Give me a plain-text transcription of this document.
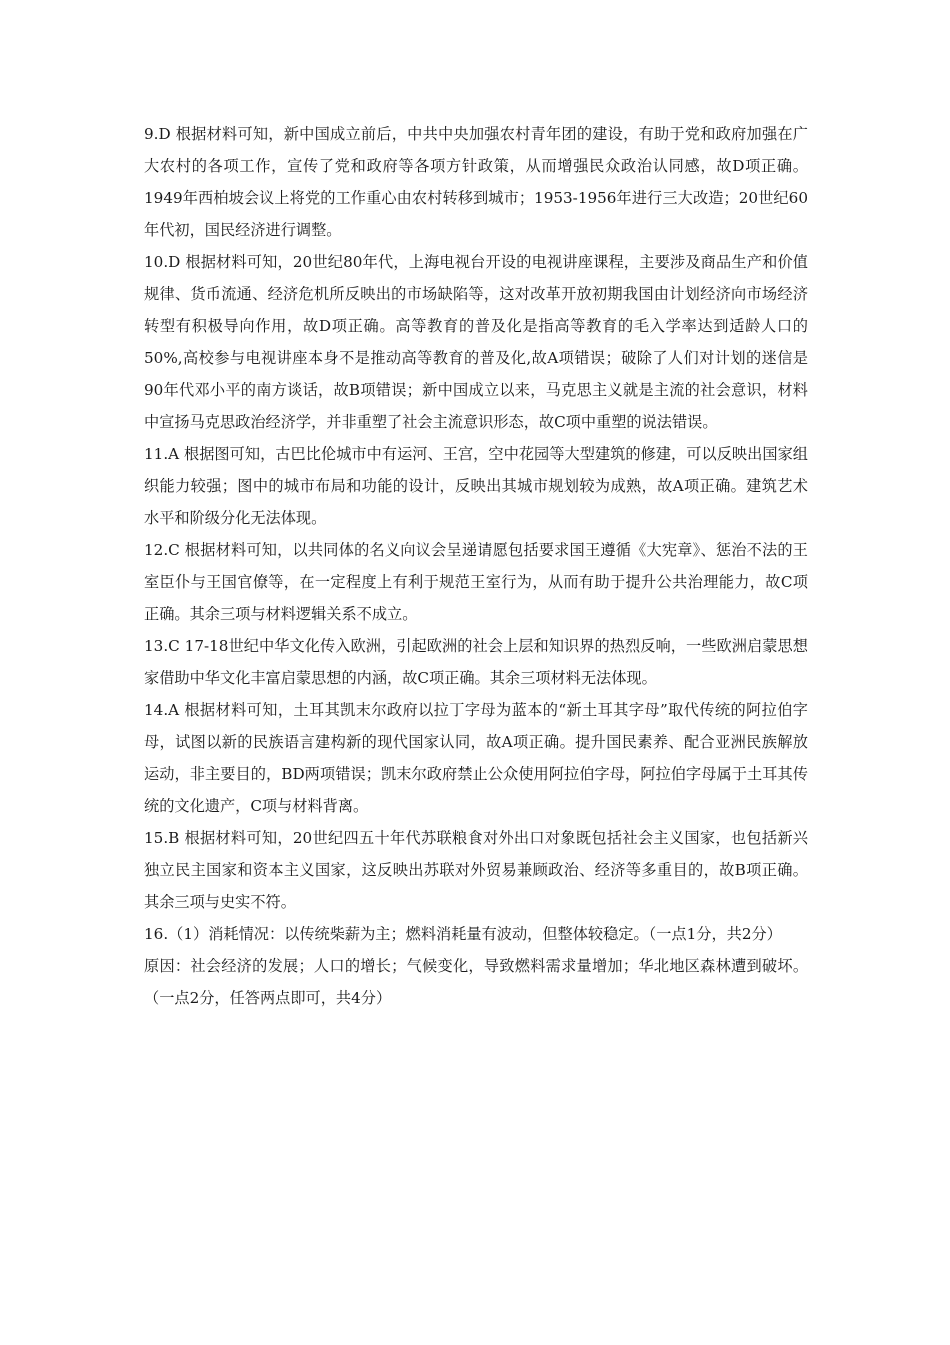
9.D 根据材料可知，新中国成立前后，中共中央加强农村青年团的建设，有助于党和政府加强在广大农村的各项工作，宣传了党和政府等各项方针政策，从而增强民众政治认同感，故D项正确。1949年西柏坡会议上将党的工作重心由农村转移到城市；1953-1956年进行三大改造；20世纪60年代初，国民经济进行调整。

10.D 根据材料可知，20世纪80年代，上海电视台开设的电视讲座课程，主要涉及商品生产和价值规律、货币流通、经济危机所反映出的市场缺陷等，这对改革开放初期我国由计划经济向市场经济转型有积极导向作用，故D项正确。高等教育的普及化是指高等教育的毛入学率达到适龄人口的50%,高校参与电视讲座本身不是推动高等教育的普及化,故A项错误；破除了人们对计划的迷信是90年代邓小平的南方谈话，故B项错误；新中国成立以来，马克思主义就是主流的社会意识，材料中宣扬马克思政治经济学，并非重塑了社会主流意识形态，故C项中重塑的说法错误。

11.A 根据图可知，古巴比伦城市中有运河、王宫，空中花园等大型建筑的修建，可以反映出国家组织能力较强；图中的城市布局和功能的设计，反映出其城市规划较为成熟，故A项正确。建筑艺术水平和阶级分化无法体现。

12.C 根据材料可知，以共同体的名义向议会呈递请愿包括要求国王遵循《大宪章》、惩治不法的王室臣仆与王国官僚等，在一定程度上有利于规范王室行为，从而有助于提升公共治理能力，故C项正确。其余三项与材料逻辑关系不成立。

13.C 17-18世纪中华文化传入欧洲，引起欧洲的社会上层和知识界的热烈反响，一些欧洲启蒙思想家借助中华文化丰富启蒙思想的内涵，故C项正确。其余三项材料无法体现。

14.A 根据材料可知，土耳其凯末尔政府以拉丁字母为蓝本的“新土耳其字母”取代传统的阿拉伯字母，试图以新的民族语言建构新的现代国家认同，故A项正确。提升国民素养、配合亚洲民族解放运动，非主要目的，BD两项错误；凯末尔政府禁止公众使用阿拉伯字母，阿拉伯字母属于土耳其传统的文化遗产，C项与材料背离。

15.B 根据材料可知，20世纪四五十年代苏联粮食对外出口对象既包括社会主义国家，也包括新兴独立民主国家和资本主义国家，这反映出苏联对外贸易兼顾政治、经济等多重目的，故B项正确。其余三项与史实不符。

16.（1）消耗情况：以传统柴薪为主；燃料消耗量有波动，但整体较稳定。（一点1分，共2分）

原因：社会经济的发展；人口的增长；气候变化，导致燃料需求量增加；华北地区森林遭到破坏。（一点2分，任答两点即可，共4分）
